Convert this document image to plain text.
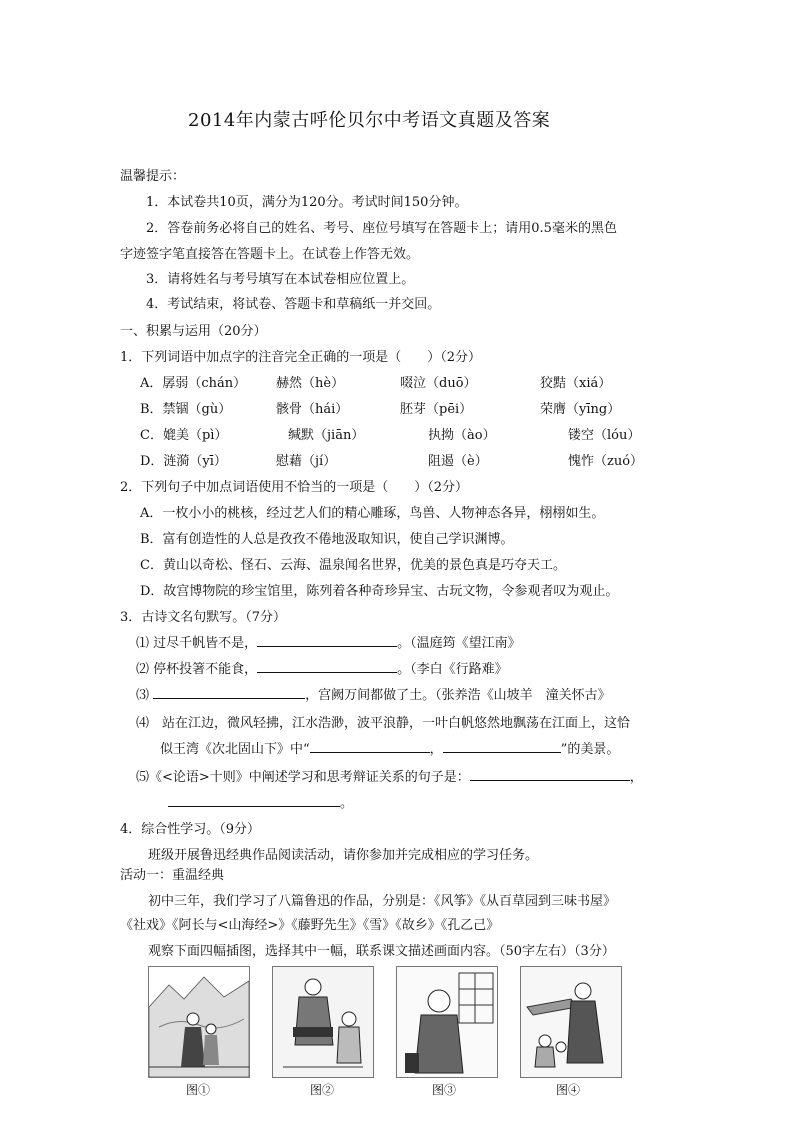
2014年内蒙古呼伦贝尔中考语文真题及答案
温馨提示：
1．本试卷共10页，满分为120分。考试时间150分钟。
2．答卷前务必将自己的姓名、考号、座位号填写在答题卡上；请用0.5毫米的黑色
字迹签字笔直接答在答题卡上。在试卷上作答无效。
3．请将姓名与考号填写在本试卷相应位置上。
4．考试结束，将试卷、答题卡和草稿纸一并交回。
一、积累与运用（20分）
1．下列词语中加点字的注音完全正确的一项是（　　）（2分）
A．孱弱（chán） 赫然（hè）	啜泣（duō）	狡黠（xiá）
B．禁锢（gù）	骸骨（hái）	胚芽（pēi）	荣膺（yīng）
C．媲美（pì）	缄默（jiān）	执拗（ào）	镂空（lóu）
D．涟漪（yī）	慰藉（jí）	阻遏（è）	愧怍（zuó）
2．下列句子中加点词语使用不恰当的一项是（　　）（2分）
A．一枚小小的桃核，经过艺人们的精心雕琢，鸟兽、人物神态各异，栩栩如生。
B．富有创造性的人总是孜孜不倦地汲取知识，使自己学识渊博。
C．黄山以奇松、怪石、云海、温泉闻名世界，优美的景色真是巧夺天工。
D．故宫博物院的珍宝馆里，陈列着各种奇珍异宝、古玩文物，令参观者叹为观止。
3．古诗文名句默写。（7分）
⑴ 过尽千帆皆不是，	。（温庭筠《望江南》
⑵ 停杯投箸不能食，	。（李白《行路难》
⑶	，宫阙万间都做了土。（张养浩《山坡羊　潼关怀古》
⑷　站在江边，微风轻拂，江水浩渺，波平浪静，一叶白帆悠然地飘荡在江面上，这恰
似王湾《次北固山下》中“	，	”的美景。
⑸《<论语>十则》中阐述学习和思考辩证关系的句子是：	，
。
4．综合性学习。（9分）
班级开展鲁迅经典作品阅读活动，请你参加并完成相应的学习任务。
活动一：重温经典
初中三年，我们学习了八篇鲁迅的作品，分别是：《风筝》《从百草园到三味书屋》
《社戏》《阿长与<山海经>》《藤野先生》《雪》《故乡》《孔乙己》
观察下面四幅插图，选择其中一幅，联系课文描述画面内容。（50字左右）（3分）
图①	图②	图③	图④
